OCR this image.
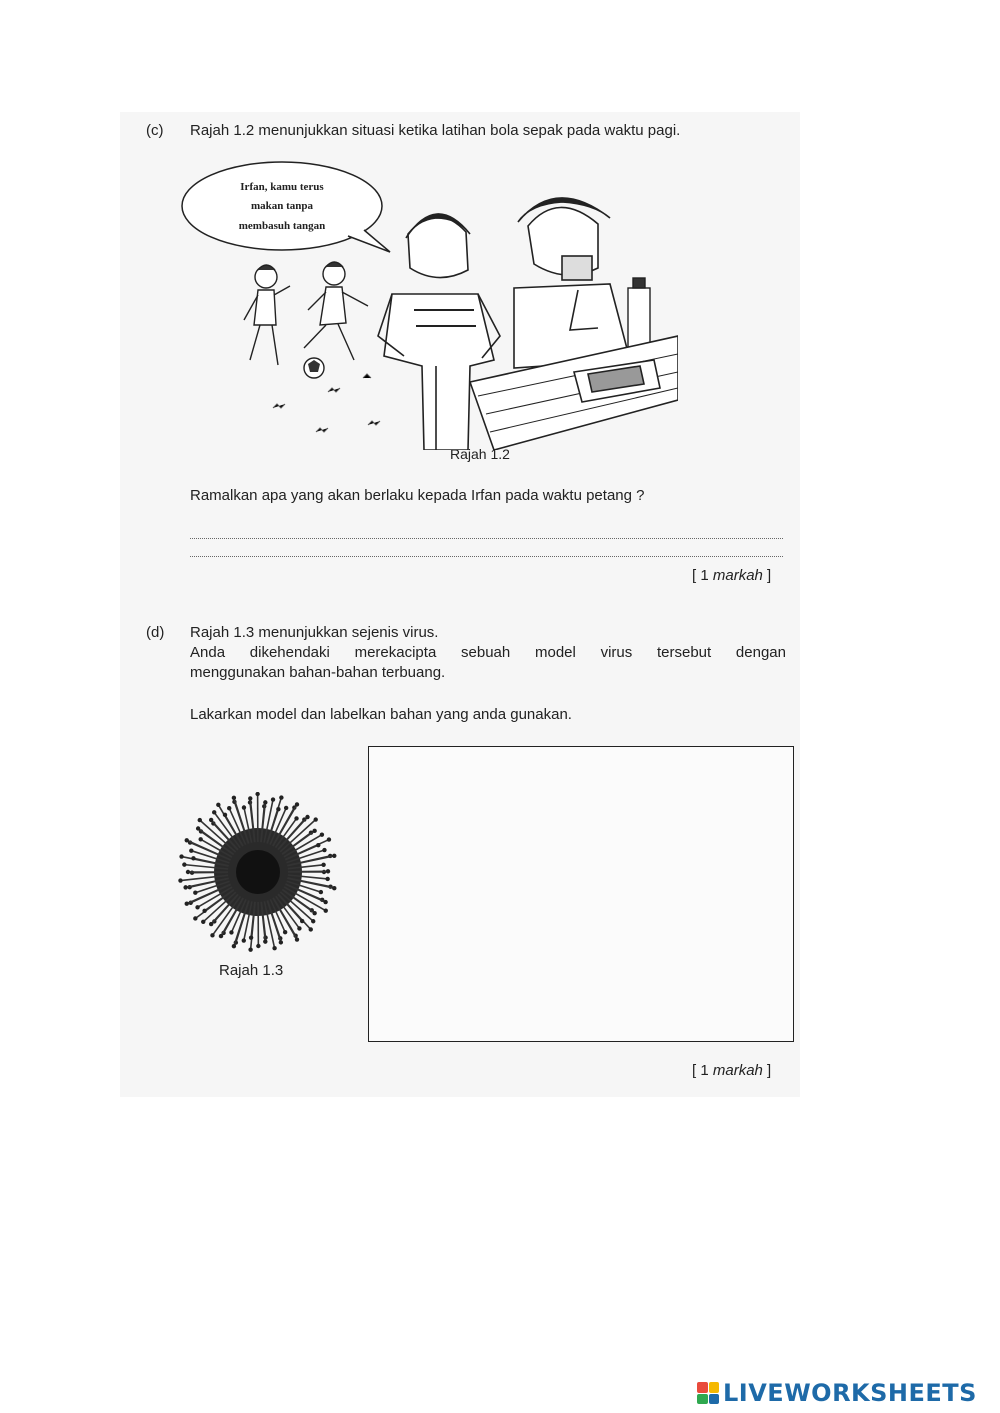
(c) Rajah 1.2 menunjukkan situasi ketika latihan bola sepak pada waktu pagi.
Irfan, kamu terus
makan tanpa
membasuh tangan
Rajah 1.2
Ramalkan apa yang akan berlaku kepada Irfan pada waktu petang ?
[ 1 markah ]
(d) Rajah 1.3 menunjukkan sejenis virus.
Anda dikehendaki merekacipta sebuah model virus tersebut dengan
menggunakan bahan-bahan terbuang.
Lakarkan model dan labelkan bahan yang anda gunakan.
Rajah 1.3
[ 1 markah ]
LIVEWORKSHEETS
